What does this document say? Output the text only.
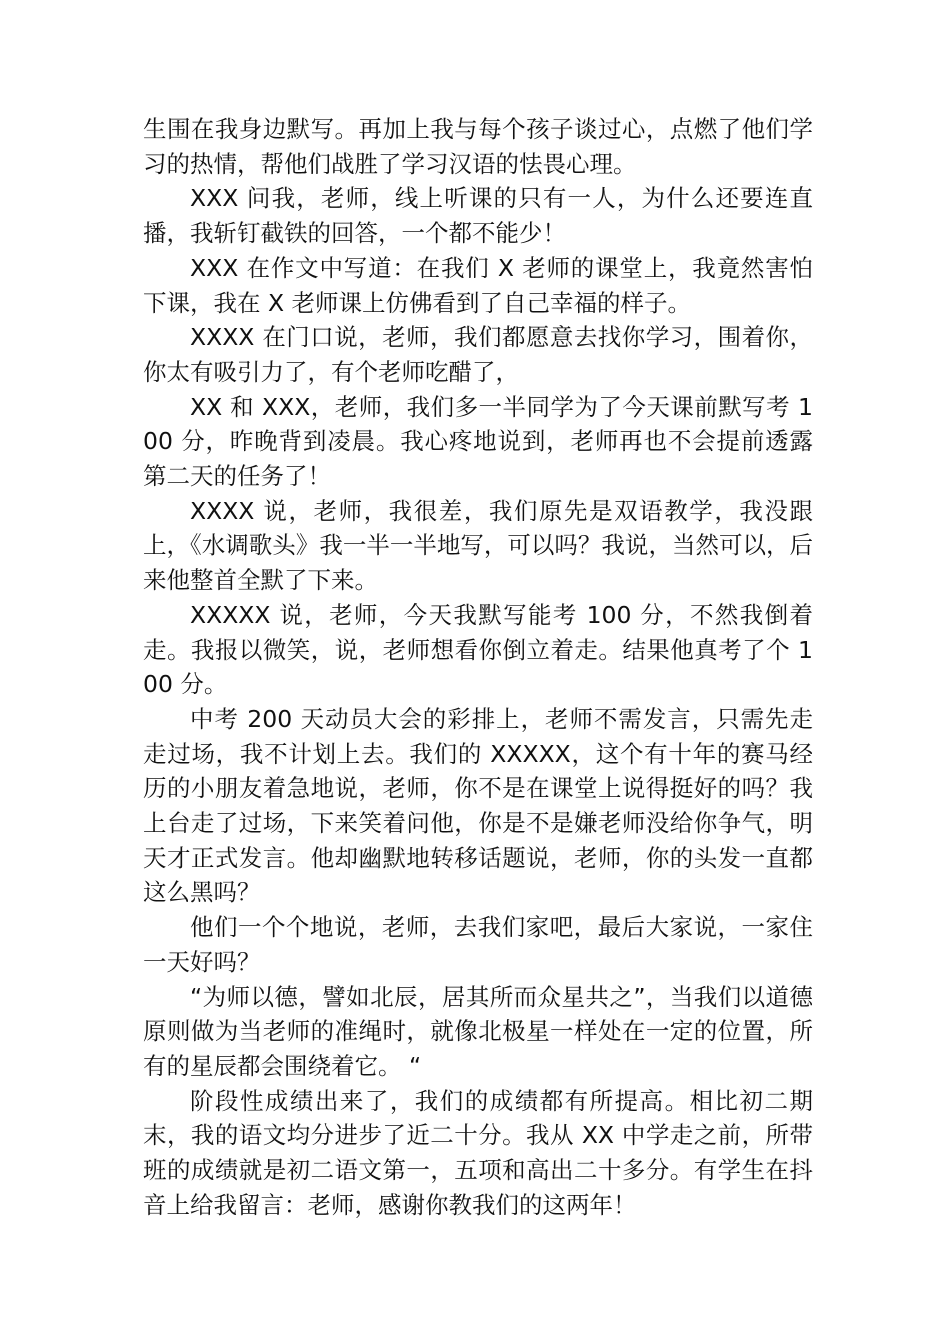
生围在我身边默写。再加上我与每个孩子谈过心，点燃了他们学习的热情，帮他们战胜了学习汉语的怯畏心理。

XXX 问我，老师，线上听课的只有一人，为什么还要连直播，我斩钉截铁的回答，一个都不能少！

XXX 在作文中写道：在我们 X 老师的课堂上，我竟然害怕下课，我在 X 老师课上仿佛看到了自己幸福的样子。

XXXX 在门口说，老师，我们都愿意去找你学习，围着你，你太有吸引力了，有个老师吃醋了，

XX 和 XXX，老师，我们多一半同学为了今天课前默写考 100 分，昨晚背到凌晨。我心疼地说到，老师再也不会提前透露第二天的任务了！

XXXX 说，老师，我很差，我们原先是双语教学，我没跟上，《水调歌头》我一半一半地写，可以吗？我说，当然可以，后来他整首全默了下来。

XXXXX 说，老师，今天我默写能考 100 分，不然我倒着走。我报以微笑，说，老师想看你倒立着走。结果他真考了个 100 分。

中考 200 天动员大会的彩排上，老师不需发言，只需先走走过场，我不计划上去。我们的 XXXXX，这个有十年的赛马经历的小朋友着急地说，老师，你不是在课堂上说得挺好的吗？我上台走了过场，下来笑着问他，你是不是嫌老师没给你争气，明天才正式发言。他却幽默地转移话题说，老师，你的头发一直都这么黑吗？

他们一个个地说，老师，去我们家吧，最后大家说，一家住一天好吗？

“为师以德，譬如北辰，居其所而众星共之”，当我们以道德原则做为当老师的准绳时，就像北极星一样处在一定的位置，所有的星辰都会围绕着它。 “

阶段性成绩出来了，我们的成绩都有所提高。相比初二期末，我的语文均分进步了近二十分。我从 XX 中学走之前，所带班的成绩就是初二语文第一，五项和高出二十多分。有学生在抖音上给我留言：老师，感谢你教我们的这两年！
